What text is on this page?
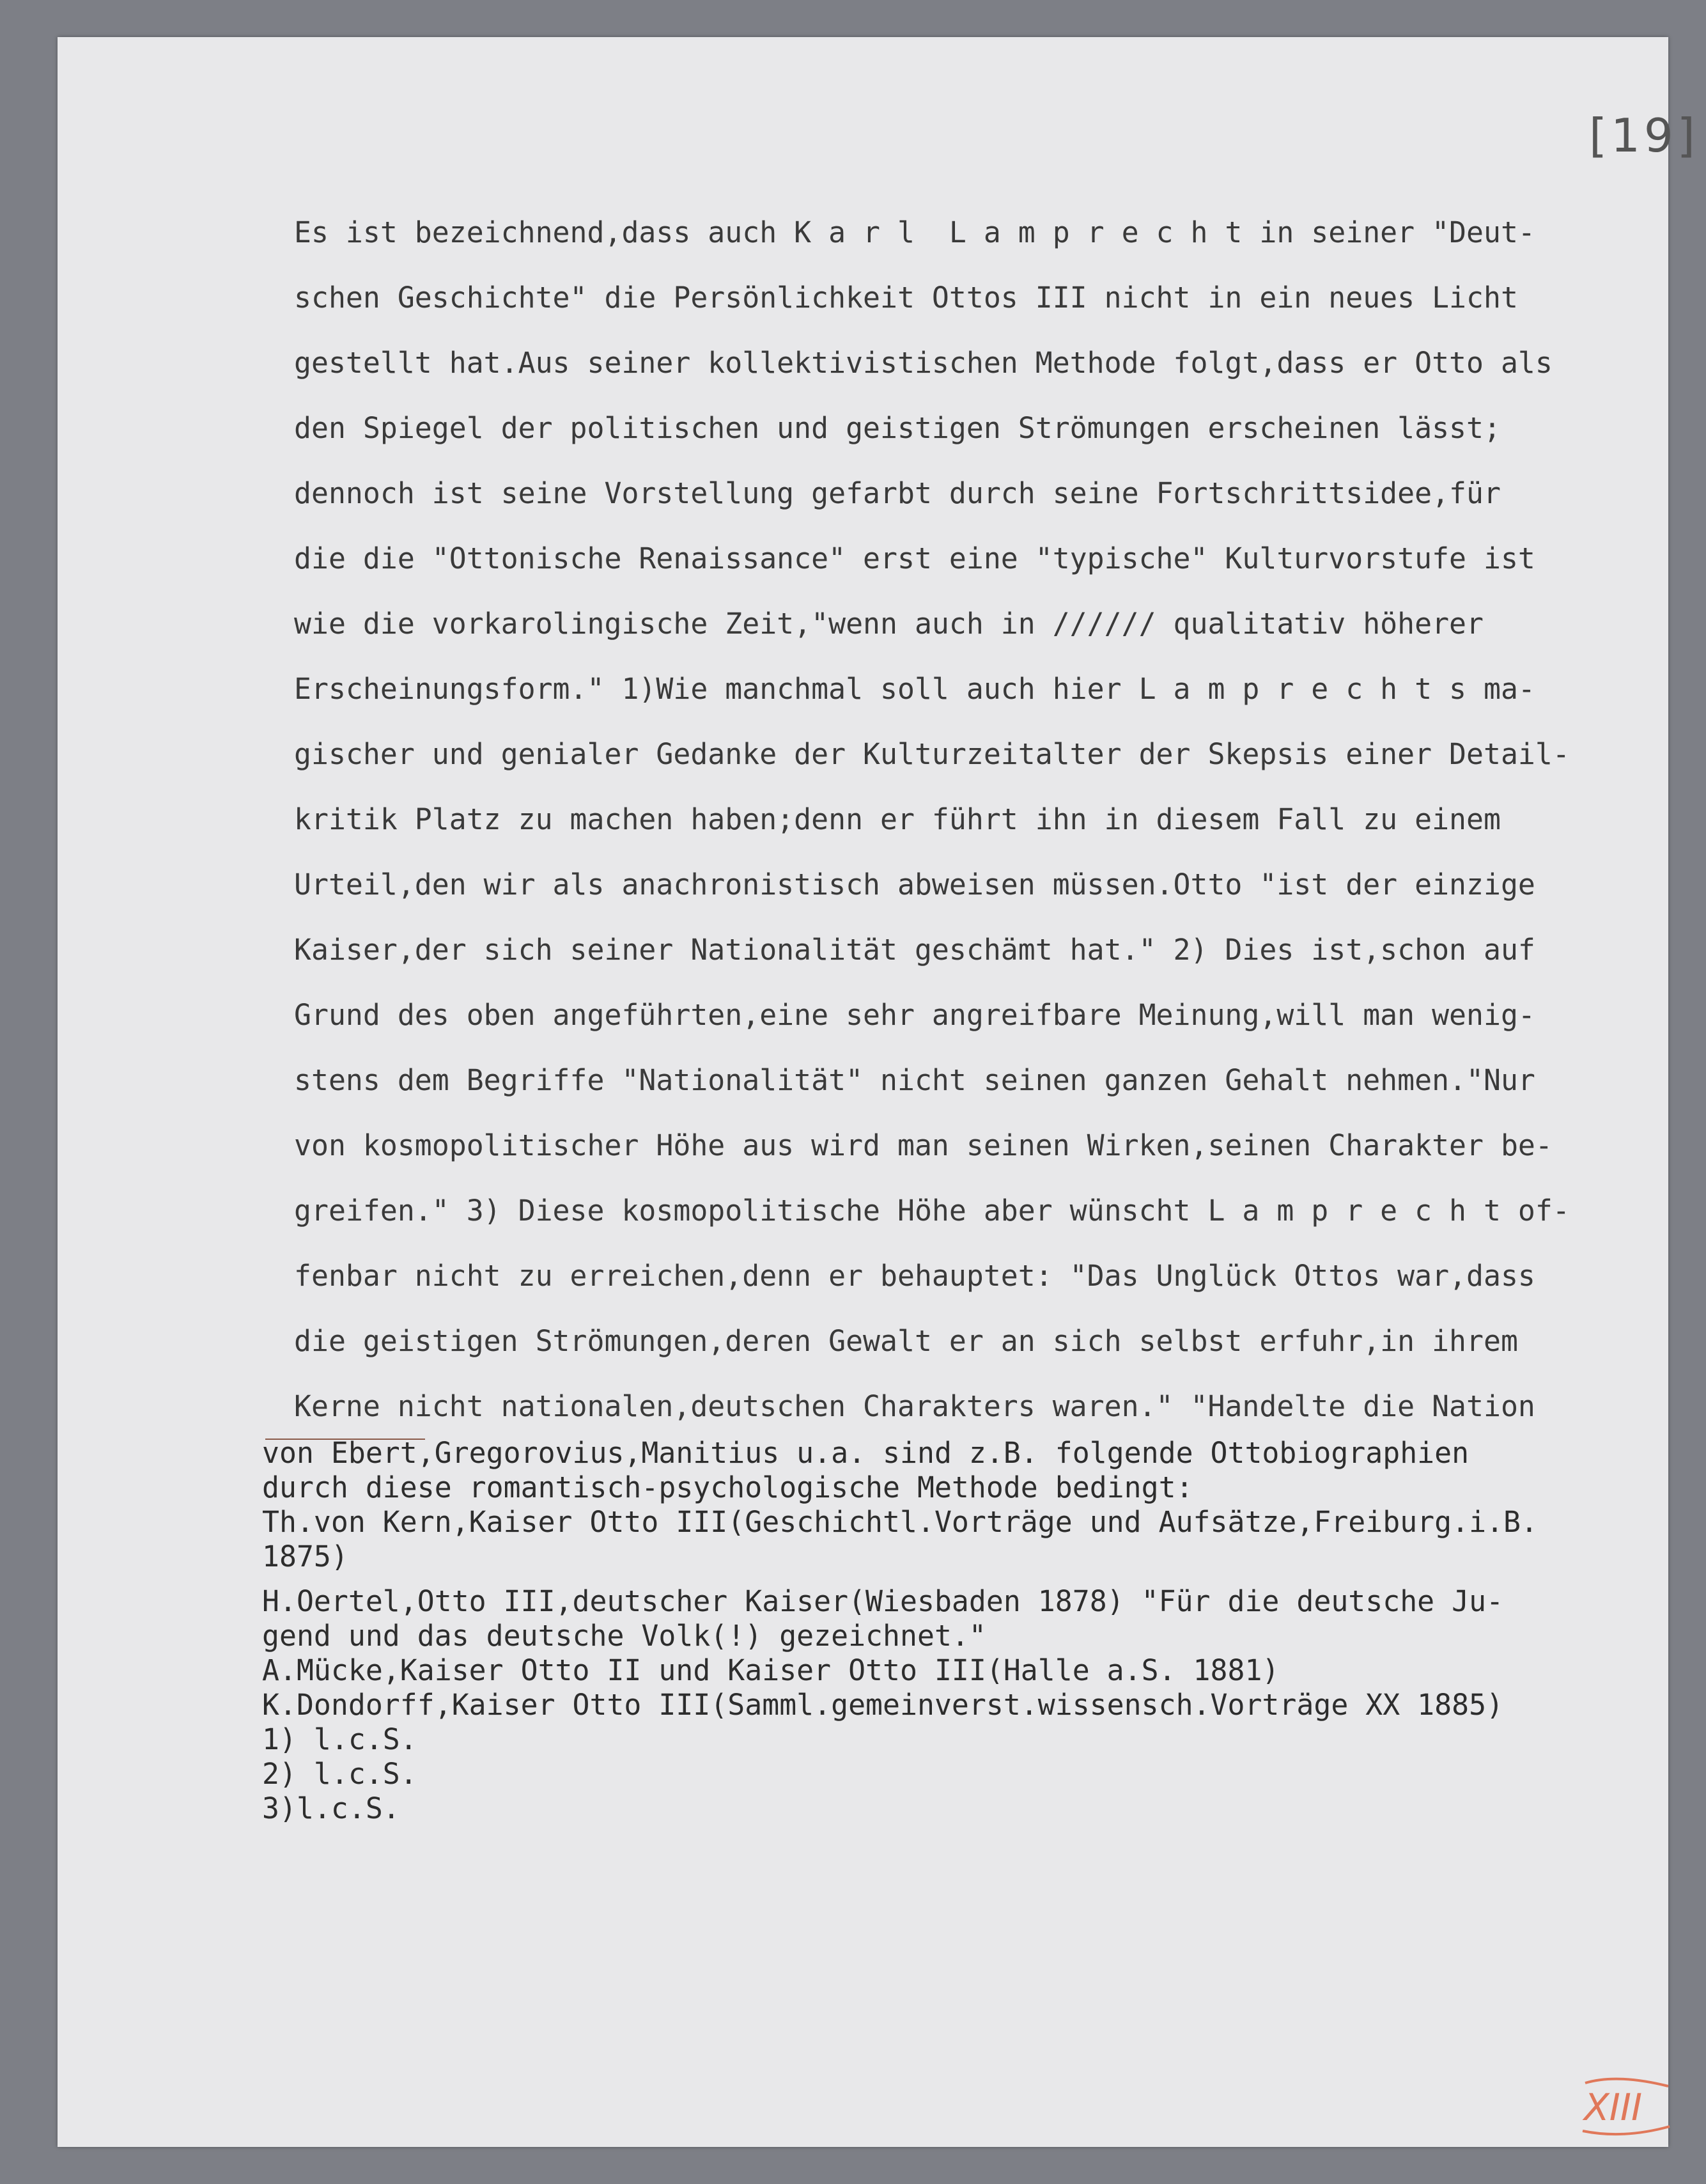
[19]
Es ist bezeichnend,dass auch K a r l  L a m p r e c h t in seiner "Deut-
schen Geschichte" die Persönlichkeit Ottos III nicht in ein neues Licht
gestellt hat.Aus seiner kollektivistischen Methode folgt,dass er Otto als
den Spiegel der politischen und geistigen Strömungen erscheinen lässt;
dennoch ist seine Vorstellung gefarbt durch seine Fortschrittsidee,für
die die "Ottonische Renaissance" erst eine "typische" Kulturvorstufe ist
wie die vorkarolingische Zeit,"wenn auch in ////// qualitativ höherer
Erscheinungsform." 1)Wie manchmal soll auch hier L a m p r e c h t s ma-
gischer und genialer Gedanke der Kulturzeitalter der Skepsis einer Detail-
kritik Platz zu machen haben;denn er führt ihn in diesem Fall zu einem
Urteil,den wir als anachronistisch abweisen müssen.Otto "ist der einzige
Kaiser,der sich seiner Nationalität geschämt hat." 2) Dies ist,schon auf
Grund des oben angeführten,eine sehr angreifbare Meinung,will man wenig-
stens dem Begriffe "Nationalität" nicht seinen ganzen Gehalt nehmen."Nur
von kosmopolitischer Höhe aus wird man seinen Wirken,seinen Charakter be-
greifen." 3) Diese kosmopolitische Höhe aber wünscht L a m p r e c h t of-
fenbar nicht zu erreichen,denn er behauptet: "Das Unglück Ottos war,dass
die geistigen Strömungen,deren Gewalt er an sich selbst erfuhr,in ihrem
Kerne nicht nationalen,deutschen Charakters waren." "Handelte die Nation
von Ebert,Gregorovius,Manitius u.a. sind z.B. folgende Ottobiographien
durch diese romantisch-psychologische Methode bedingt:
Th.von Kern,Kaiser Otto III(Geschichtl.Vorträge und Aufsätze,Freiburg.i.B.
1875)
H.Oertel,Otto III,deutscher Kaiser(Wiesbaden 1878) "Für die deutsche Ju-
gend und das deutsche Volk(!) gezeichnet."
A.Mücke,Kaiser Otto II und Kaiser Otto III(Halle a.S. 1881)
K.Dondorff,Kaiser Otto III(Samml.gemeinverst.wissensch.Vorträge XX 1885)
1) l.c.S.
2) l.c.S.
3)l.c.S.
XIII
